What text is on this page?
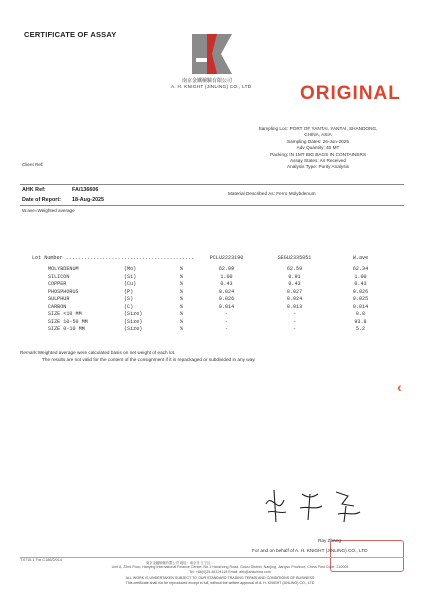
CERTIFICATE OF ASSAY
南京金鐵檢驗有限公司
A. H. KNIGHT (JINLING) CO., LTD	ORIGINAL
Sampling Loc: PORT OF YANTAI, YANTAI, SHANDONG,
CHINA, ASIA
Sampling Dates: 26-Jun-2025
Adv Quantity: 40 MT
Packing: IN 1MT BIG BAGS IN CONTAINERS
Assay States: As Received
Analysis Type: Purity Analysis
Client Ref:
AHK Ref:	FA/136606
Material Described As: Ferro Molybdenum
Date of Report: 18-Aug-2025
W.ave=Weighted average
Lot Number ..........................................	PCLU2223190	SEGU2335851	W.ave
MOLYBDENUM	(Mo)	%	62.09	62.59	62.34
SILICON	(Si)	%	1.00	0.91	1.00
COPPER	(Cu)	%	0.43	0.43	0.43
PHOSPHORUS	(P)	%	0.024	0.027	0.026
SULPHUR	(S)	%	0.026	0.024	0.025
CARBON	(C)	%	0.014	0.013	0.014
SIZE <10 MM	(Size)	%	-	-	0.8
SIZE 10-50 MM	(Size)	%	-	-	93.8
SIZE 0-10 MM	(Size)	%	-	-	5.2
Remark:Weighted average were calculated basis on net weight of each lot.
The results are not valid for the content of the consignment if it is repackaged or subdivided in any way.
‹
Ray Zhang
For and on behalf of A. H. KNIGHT (JINLING) CO., LTD
T.0715.1 For C186/2/014
南京金鐵檢驗有限公司 地址：南京市 江宁区 …
Unit A, 22nd Floor, Hanying International Finance Center, No.1 Hanzhong Road, Gulou District, Nanjing, Jiangsu Province, China Post Code: 210005
Tel: +86(0)25-84124119 Email: ahk@ahkchina.com
ALL WORK IS UNDERTAKEN SUBJECT TO OUR STANDARD TRADING TERMS AND CONDITIONS OF BUSINESS
This certificate shall not be reproduced except in full, without the written approval of A. H. KNIGHT (JINLING) CO., LTD
